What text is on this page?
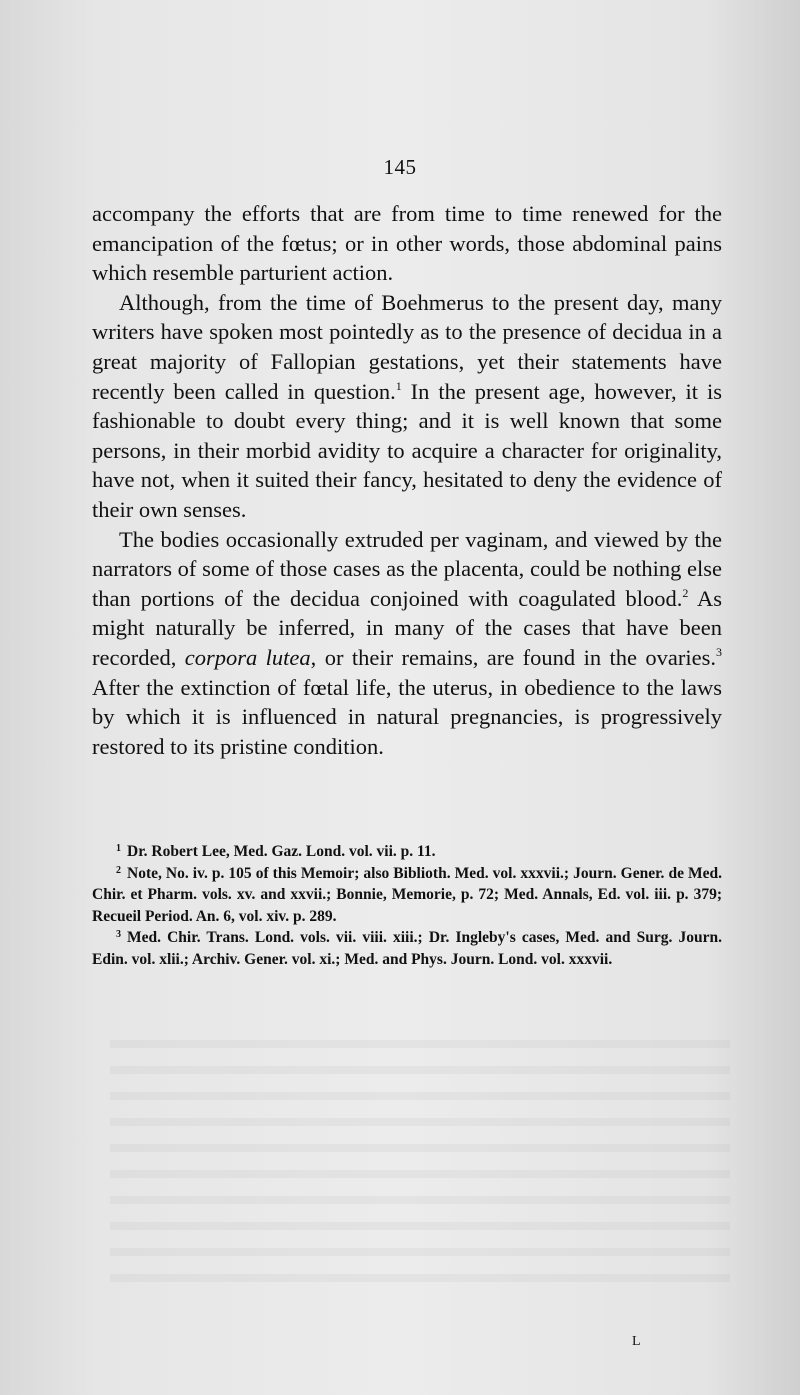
145

accompany the efforts that are from time to time renewed for the emancipation of the fœtus; or in other words, those abdominal pains which resemble parturient action.

Although, from the time of Boehmerus to the present day, many writers have spoken most pointedly as to the presence of decidua in a great majority of Fallopian gestations, yet their statements have recently been called in question.$^1$ In the present age, however, it is fashionable to doubt every thing; and it is well known that some persons, in their morbid avidity to acquire a character for originality, have not, when it suited their fancy, hesitated to deny the evidence of their own senses.

The bodies occasionally extruded per vaginam, and viewed by the narrators of some of those cases as the placenta, could be nothing else than portions of the decidua conjoined with coagulated blood.$^2$ As might naturally be inferred, in many of the cases that have been recorded, corpora lutea, or their remains, are found in the ovaries.$^3$ After the extinction of fœtal life, the uterus, in obedience to the laws by which it is influenced in natural pregnancies, is progressively restored to its pristine condition.

$^1$ Dr. Robert Lee, Med. Gaz. Lond. vol. vii. p. 11.

$^2$ Note, No. iv. p. 105 of this Memoir; also Biblioth. Med. vol. xxxvii.; Journ. Gener. de Med. Chir. et Pharm. vols. xv. and xxvii.; Bonnie, Memorie, p. 72; Med. Annals, Ed. vol. iii. p. 379; Recueil Period. An. 6, vol. xiv. p. 289.

$^3$ Med. Chir. Trans. Lond. vols. vii. viii. xiii.; Dr. Ingleby's cases, Med. and Surg. Journ. Edin. vol. xlii.; Archiv. Gener. vol. xi.; Med. and Phys. Journ. Lond. vol. xxxvii.

L
